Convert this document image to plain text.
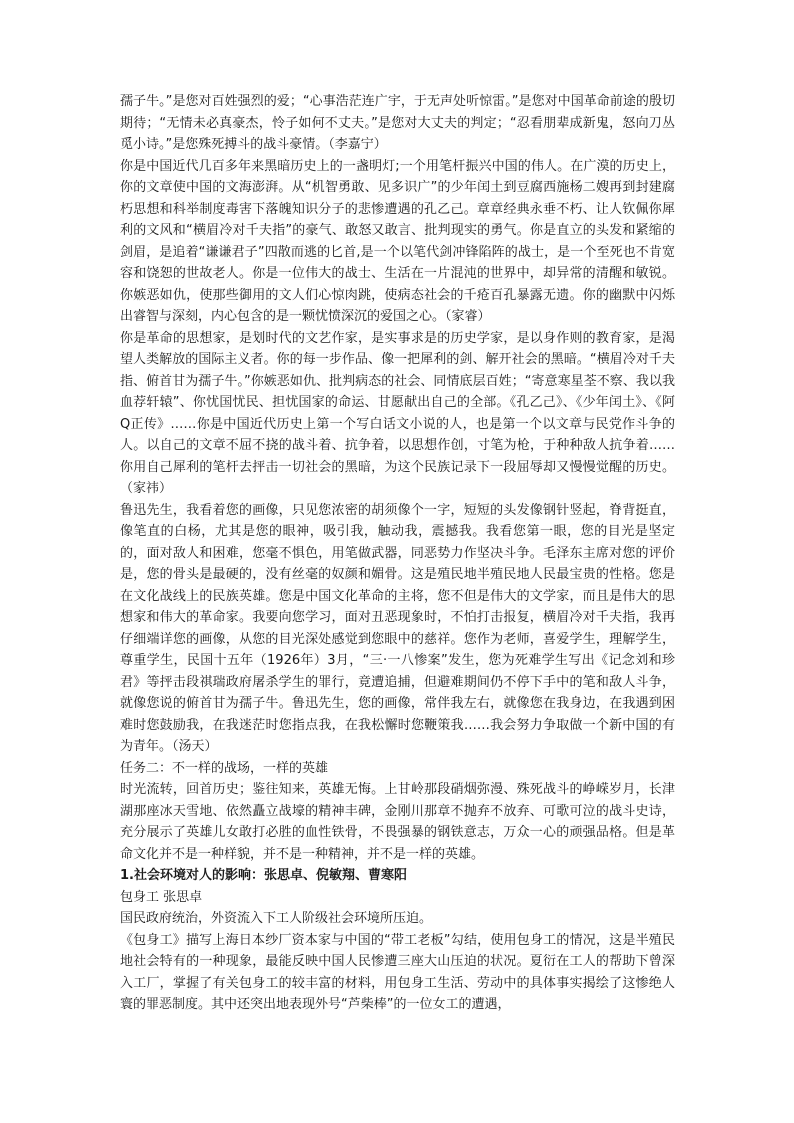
孺子牛。”是您对百姓强烈的爱；“心事浩茫连广宇，于无声处听惊雷。”是您对中国革命前途的殷切期待；“无情未必真豪杰，怜子如何不丈夫。”是您对大丈夫的判定；“忍看朋辈成新鬼，怒向刀丛觅小诗。”是您殊死搏斗的战斗豪情。（李嘉宁）

你是中国近代几百多年来黑暗历史上的一盏明灯;一个用笔杆振兴中国的伟人。在广漠的历史上，你的文章使中国的文海澎湃。从“机智勇敢、见多识广”的少年闰土到豆腐西施杨二嫂再到封建腐朽思想和科举制度毒害下落魄知识分子的悲惨遭遇的孔乙己。章章经典永垂不朽、让人钦佩你犀利的文风和“横眉冷对千夫指”的豪气、敢怒又敢言、批判现实的勇气。你是直立的头发和紧缩的剑眉，是追着“谦谦君子”四散而逃的匕首,是一个以笔代剑冲锋陷阵的战士，是一个至死也不肯宽容和饶恕的世故老人。你是一位伟大的战士、生活在一片混沌的世界中，却异常的清醒和敏锐。你嫉恶如仇，使那些御用的文人们心惊肉跳，使病态社会的千疮百孔暴露无遗。你的幽默中闪烁出睿智与深刻，内心包含的是一颗忧愤深沉的爱国之心。（家睿）

你是革命的思想家，是划时代的文艺作家，是实事求是的历史学家，是以身作则的教育家，是渴望人类解放的国际主义者。你的每一步作品、像一把犀利的剑、解开社会的黑暗。“横眉冷对千夫指、俯首甘为孺子牛。”你嫉恶如仇、批判病态的社会、同情底层百姓；“寄意寒星荃不察、我以我血荐轩辕”、你忧国忧民、担忧国家的命运、甘愿献出自己的全部。《孔乙己》、《少年闰土》、《阿Q正传》……你是中国近代历史上第一个写白话文小说的人，也是第一个以文章与民党作斗争的人。以自己的文章不屈不挠的战斗着、抗争着，以思想作创，寸笔为枪，于种种敌人抗争着……你用自己犀利的笔杆去抨击一切社会的黑暗，为这个民族记录下一段屈辱却又慢慢觉醒的历史。（家祎）

鲁迅先生，我看着您的画像，只见您浓密的胡须像个一字，短短的头发像钢针竖起，脊背挺直，像笔直的白杨，尤其是您的眼神，吸引我，触动我，震撼我。我看您第一眼，您的目光是坚定的，面对敌人和困难，您毫不惧色，用笔做武器，同恶势力作坚决斗争。毛泽东主席对您的评价是，您的骨头是最硬的，没有丝毫的奴颜和媚骨。这是殖民地半殖民地人民最宝贵的性格。您是在文化战线上的民族英雄。您是中国文化革命的主将，您不但是伟大的文学家，而且是伟大的思想家和伟大的革命家。我要向您学习，面对丑恶现象时，不怕打击报复，横眉冷对千夫指，我再仔细端详您的画像，从您的目光深处感觉到您眼中的慈祥。您作为老师，喜爱学生，理解学生，尊重学生，民国十五年（1926年）3月，“三·一八惨案”发生，您为死难学生写出《记念刘和珍君》等抨击段祺瑞政府屠杀学生的罪行，竟遭追捕，但避难期间仍不停下手中的笔和敌人斗争，就像您说的俯首甘为孺子牛。鲁迅先生，您的画像，常伴我左右，就像您在我身边，在我遇到困难时您鼓励我，在我迷茫时您指点我，在我松懈时您鞭策我……我会努力争取做一个新中国的有为青年。（汤天）

任务二：不一样的战场，一样的英雄

时光流转，回首历史；鉴往知来，英雄无悔。上甘岭那段硝烟弥漫、殊死战斗的峥嵘岁月，长津湖那座冰天雪地、依然矗立战壕的精神丰碑，金刚川那章不抛弃不放弃、可歌可泣的战斗史诗，充分展示了英雄儿女敢打必胜的血性铁骨，不畏强暴的钢铁意志，万众一心的顽强品格。但是革命文化并不是一种样貌，并不是一种精神，并不是一样的英雄。

1.社会环境对人的影响：张思卓、倪敏翔、曹寒阳

包身工 张思卓

国民政府统治，外资流入下工人阶级社会环境所压迫。

《包身工》描写上海日本纱厂资本家与中国的“带工老板”勾结，使用包身工的情况，这是半殖民地社会特有的一种现象，最能反映中国人民惨遭三座大山压迫的状况。夏衍在工人的帮助下曾深入工厂，掌握了有关包身工的较丰富的材料，用包身工生活、劳动中的具体事实揭绘了这惨绝人寰的罪恶制度。其中还突出地表现外号“芦柴棒”的一位女工的遭遇，
